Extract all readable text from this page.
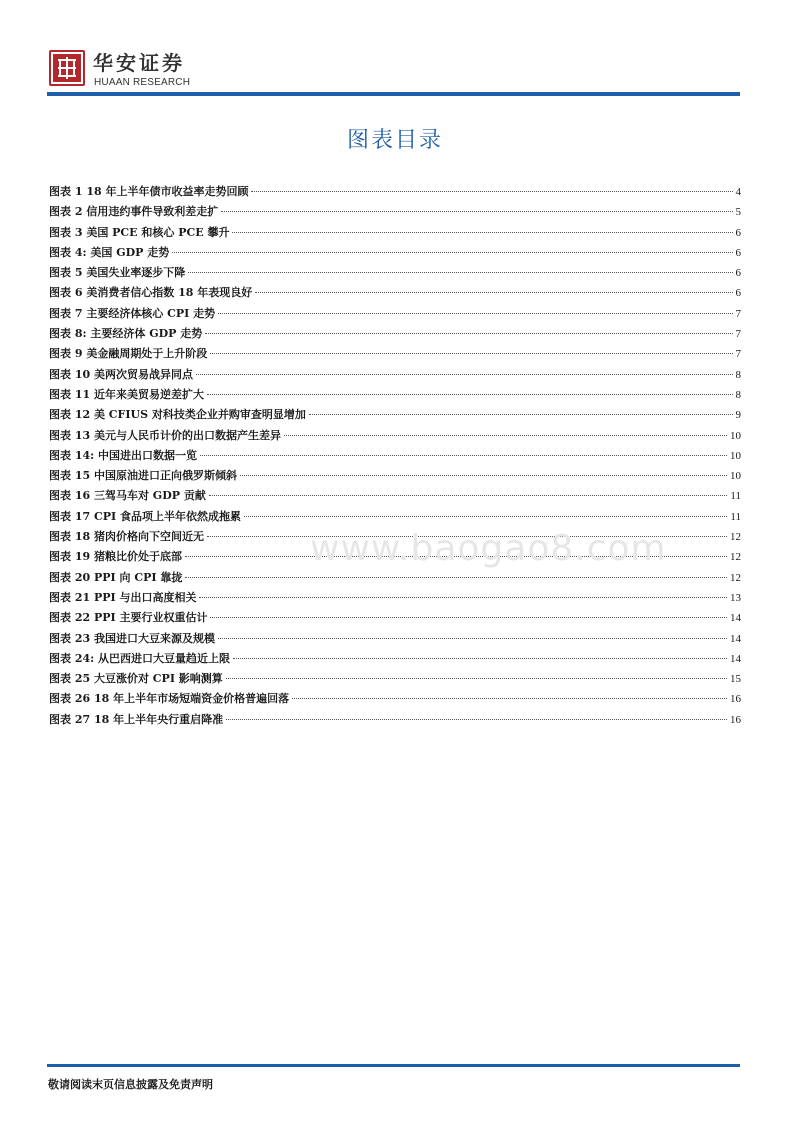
华安证券
HUAAN RESEARCH
图表目录
图表 1 18 年上半年债市收益率走势回顾	4
图表 2 信用违约事件导致利差走扩	5
图表 3 美国 PCE 和核心 PCE 攀升	6
图表 4: 美国 GDP 走势	6
图表 5 美国失业率逐步下降	6
图表 6 美消费者信心指数 18 年表现良好	6
图表 7 主要经济体核心 CPI 走势	7
图表 8: 主要经济体 GDP 走势	7
图表 9 美金融周期处于上升阶段	7
图表 10 美两次贸易战异同点	8
图表 11 近年来美贸易逆差扩大	8
图表 12 美 CFIUS 对科技类企业并购审查明显增加	9
图表 13 美元与人民币计价的出口数据产生差异	10
图表 14: 中国进出口数据一览	10
图表 15 中国原油进口正向俄罗斯倾斜	10
图表 16 三驾马车对 GDP 贡献	11
图表 17 CPI 食品项上半年依然成拖累	11
图表 18 猪肉价格向下空间近无	12
图表 19 猪粮比价处于底部	12
图表 20 PPI 向 CPI 靠拢	12
图表 21 PPI 与出口高度相关	13
图表 22 PPI 主要行业权重估计	14
图表 23 我国进口大豆来源及规模	14
图表 24: 从巴西进口大豆量趋近上限	14
图表 25 大豆涨价对 CPI 影响测算	15
图表 26 18 年上半年市场短端资金价格普遍回落	16
图表 27 18 年上半年央行重启降准	16
www.baogao8.com
敬请阅读末页信息披露及免责声明
